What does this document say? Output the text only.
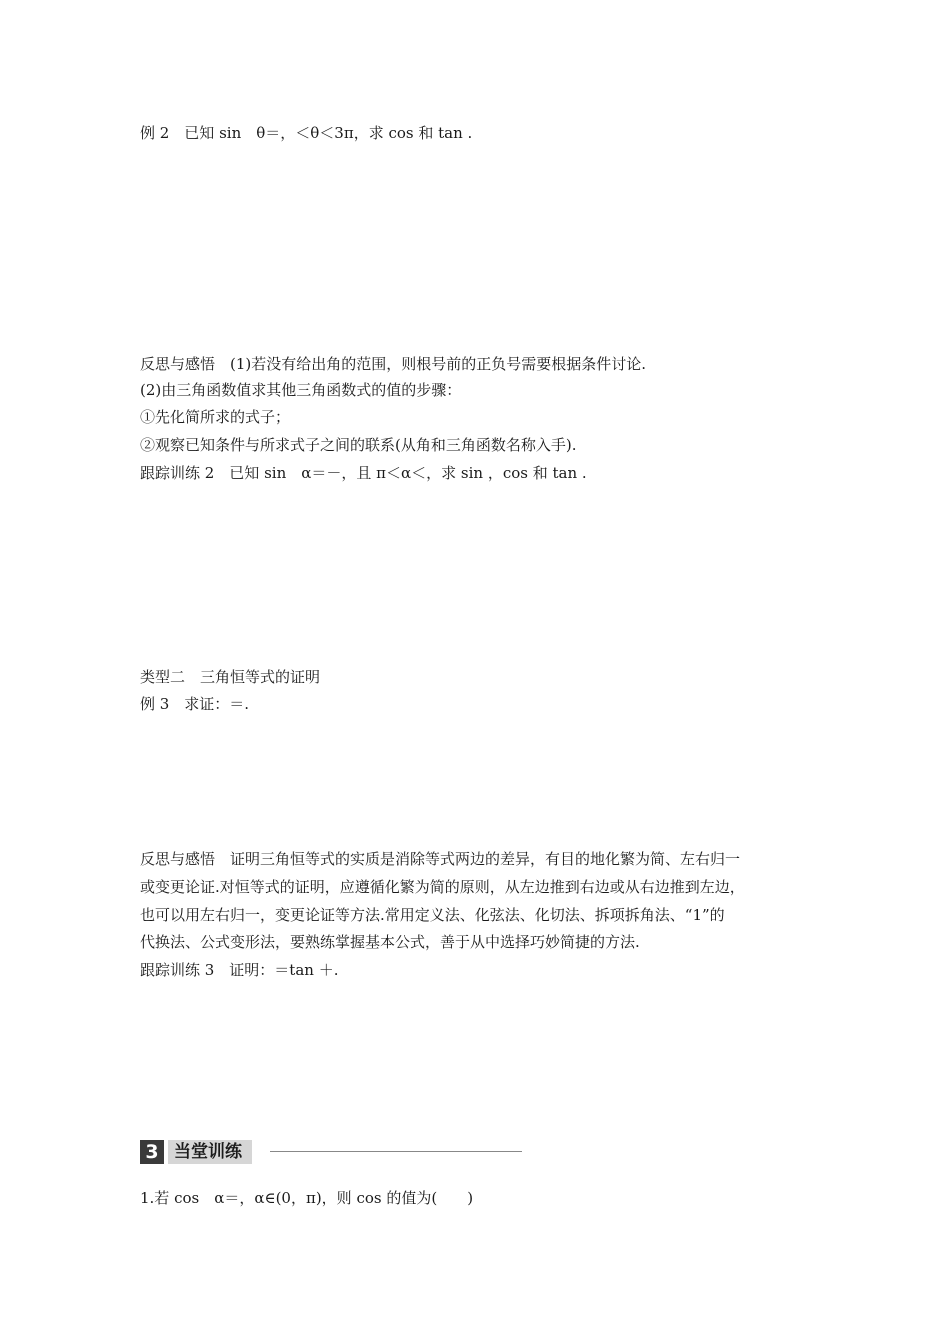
例 2　已知 sin　θ＝，＜θ＜3π，求 cos 和 tan .
反思与感悟　(1)若没有给出角的范围，则根号前的正负号需要根据条件讨论.
(2)由三角函数值求其他三角函数式的值的步骤：
①先化简所求的式子；
②观察已知条件与所求式子之间的联系(从角和三角函数名称入手).
跟踪训练 2　已知 sin　α＝－，且 π＜α＜，求 sin ，cos 和 tan .
类型二　三角恒等式的证明
例 3　求证：＝.
反思与感悟　证明三角恒等式的实质是消除等式两边的差异，有目的地化繁为简、左右归一
或变更论证.对恒等式的证明，应遵循化繁为简的原则，从左边推到右边或从右边推到左边，
也可以用左右归一，变更论证等方法.常用定义法、化弦法、化切法、拆项拆角法、“1”的
代换法、公式变形法，要熟练掌握基本公式，善于从中选择巧妙简捷的方法.
跟踪训练 3　证明：＝tan ＋.
3 当堂训练
1.若 cos　α＝，α∈(0，π)，则 cos 的值为(　　)
